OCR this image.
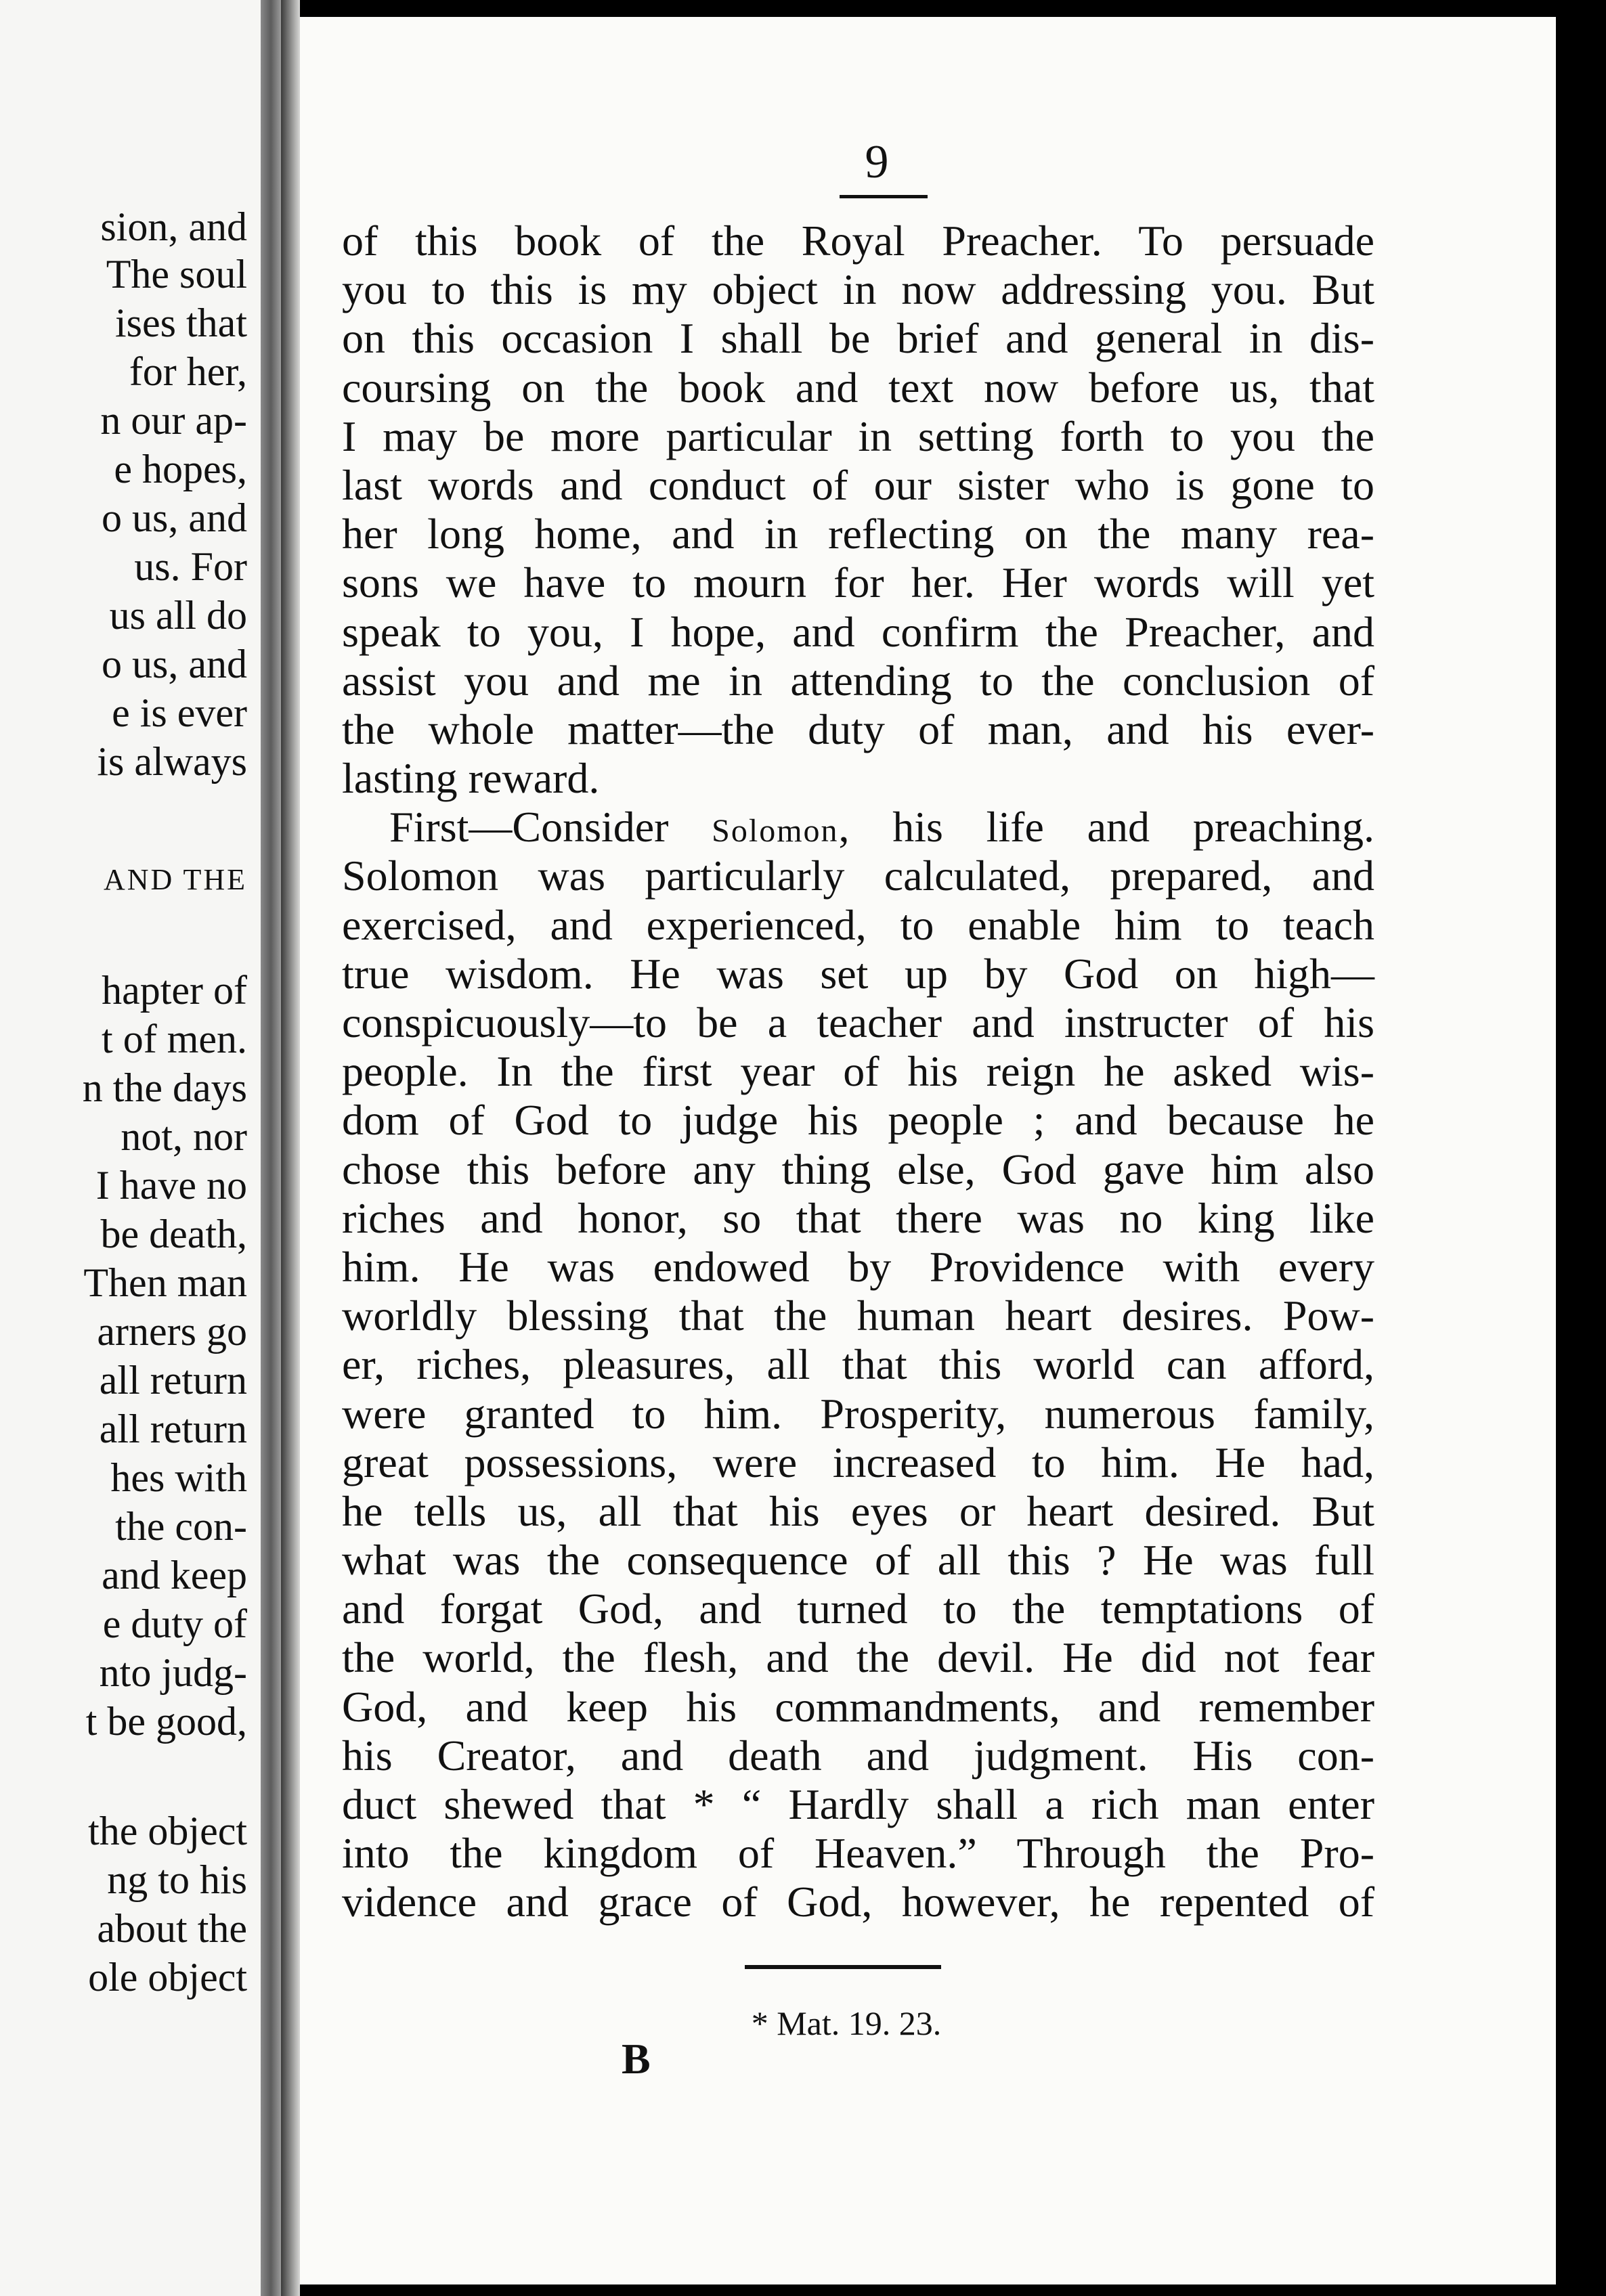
sion, and
The soul
ises that
for her,
n our ap-
e hopes,
o us, and
us. For
us all do
o us, and
e is ever
is always
AND THE
hapter of
t of men.
n the days
not, nor
I have no
be death,
Then man
arners go
all return
all return
hes with
the con-
and keep
e duty of
nto judg-
t be good,
the object
ng to his
about the
ole object
9
of this book of the Royal Preacher. To persuade
you to this is my object in now addressing you. But
on this occasion I shall be brief and general in dis-
coursing on the book and text now before us, that
I may be more particular in setting forth to you the
last words and conduct of our sister who is gone to
her long home, and in reflecting on the many rea-
sons we have to mourn for her. Her words will yet
speak to you, I hope, and confirm the Preacher, and
assist you and me in attending to the conclusion of
the whole matter—the duty of man, and his ever-
lasting reward.
First—Consider Solomon, his life and preaching.
Solomon was particularly calculated, prepared, and
exercised, and experienced, to enable him to teach
true wisdom. He was set up by God on high—
conspicuously—to be a teacher and instructer of his
people. In the first year of his reign he asked wis-
dom of God to judge his people ; and because he
chose this before any thing else, God gave him also
riches and honor, so that there was no king like
him. He was endowed by Providence with every
worldly blessing that the human heart desires. Pow-
er, riches, pleasures, all that this world can afford,
were granted to him. Prosperity, numerous family,
great possessions, were increased to him. He had,
he tells us, all that his eyes or heart desired. But
what was the consequence of all this ? He was full
and forgat God, and turned to the temptations of
the world, the flesh, and the devil. He did not fear
God, and keep his commandments, and remember
his Creator, and death and judgment. His con-
duct shewed that * “ Hardly shall a rich man enter
into the kingdom of Heaven.” Through the Pro-
vidence and grace of God, however, he repented of
* Mat. 19. 23.
B
